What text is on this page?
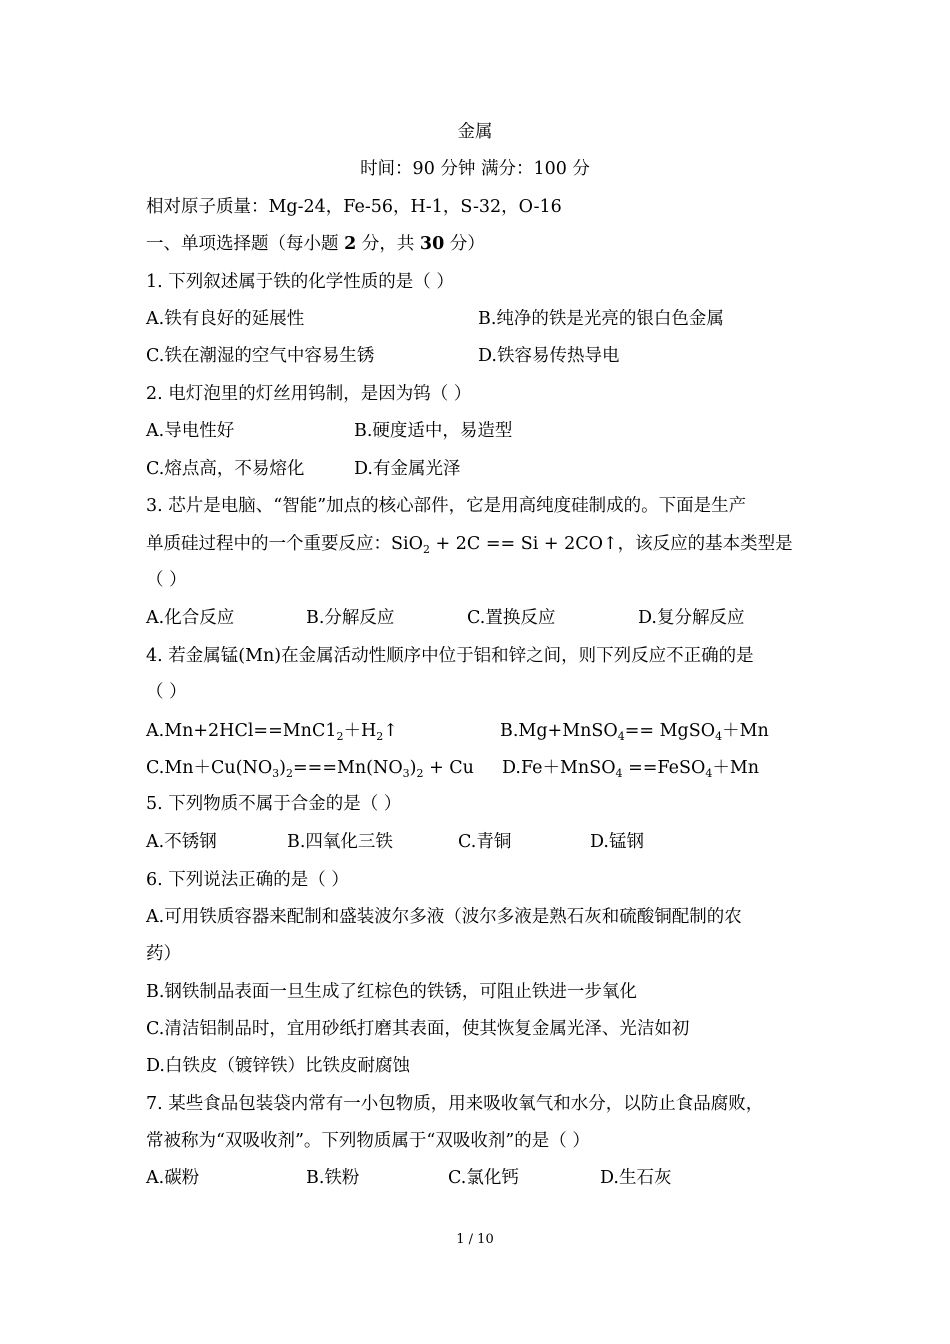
金属
时间：90 分钟 满分：100 分
相对原子质量：Mg-24，Fe-56，H-1，S-32，O-16
一、单项选择题（每小题 2 分，共 30 分）
1. 下列叙述属于铁的化学性质的是（ ）
A.铁有良好的延展性	B.纯净的铁是光亮的银白色金属
C.铁在潮湿的空气中容易生锈	D.铁容易传热导电
2. 电灯泡里的灯丝用钨制，是因为钨（ ）
A.导电性好	B.硬度适中，易造型
C.熔点高，不易熔化	D.有金属光泽
3. 芯片是电脑、“智能”加点的核心部件，它是用高纯度硅制成的。下面是生产
单质硅过程中的一个重要反应：SiO$_2$ + 2C == Si + 2CO↑，该反应的基本类型是
（ ）
A.化合反应	B.分解反应	C.置换反应	D.复分解反应
4. 若金属锰(Mn)在金属活动性顺序中位于铝和锌之间，则下列反应不正确的是
（ ）
$A.Mn+2HCl==MnC1_2+H_2↑$	B.Mg+MnSO$_4$== MgSO$_4$＋Mn
$C.Mn+Cu(NO_3)_2===Mn(NO_3)_2 + Cu$ D.Fe＋MnSO$_4$ ==FeSO$_4$＋Mn
5. 下列物质不属于合金的是（ ）
A.不锈钢	B.四氧化三铁	C.青铜	D.锰钢
6. 下列说法正确的是（ ）
A.可用铁质容器来配制和盛装波尔多液（波尔多液是熟石灰和硫酸铜配制的农
药）
B.钢铁制品表面一旦生成了红棕色的铁锈，可阻止铁进一步氧化
C.清洁铝制品时，宜用砂纸打磨其表面，使其恢复金属光泽、光洁如初
D.白铁皮（镀锌铁）比铁皮耐腐蚀
7. 某些食品包装袋内常有一小包物质，用来吸收氧气和水分，以防止食品腐败，
常被称为“双吸收剂”。下列物质属于“双吸收剂”的是（ ）
A.碳粉	B.铁粉	C.氯化钙	D.生石灰
1 / 10
